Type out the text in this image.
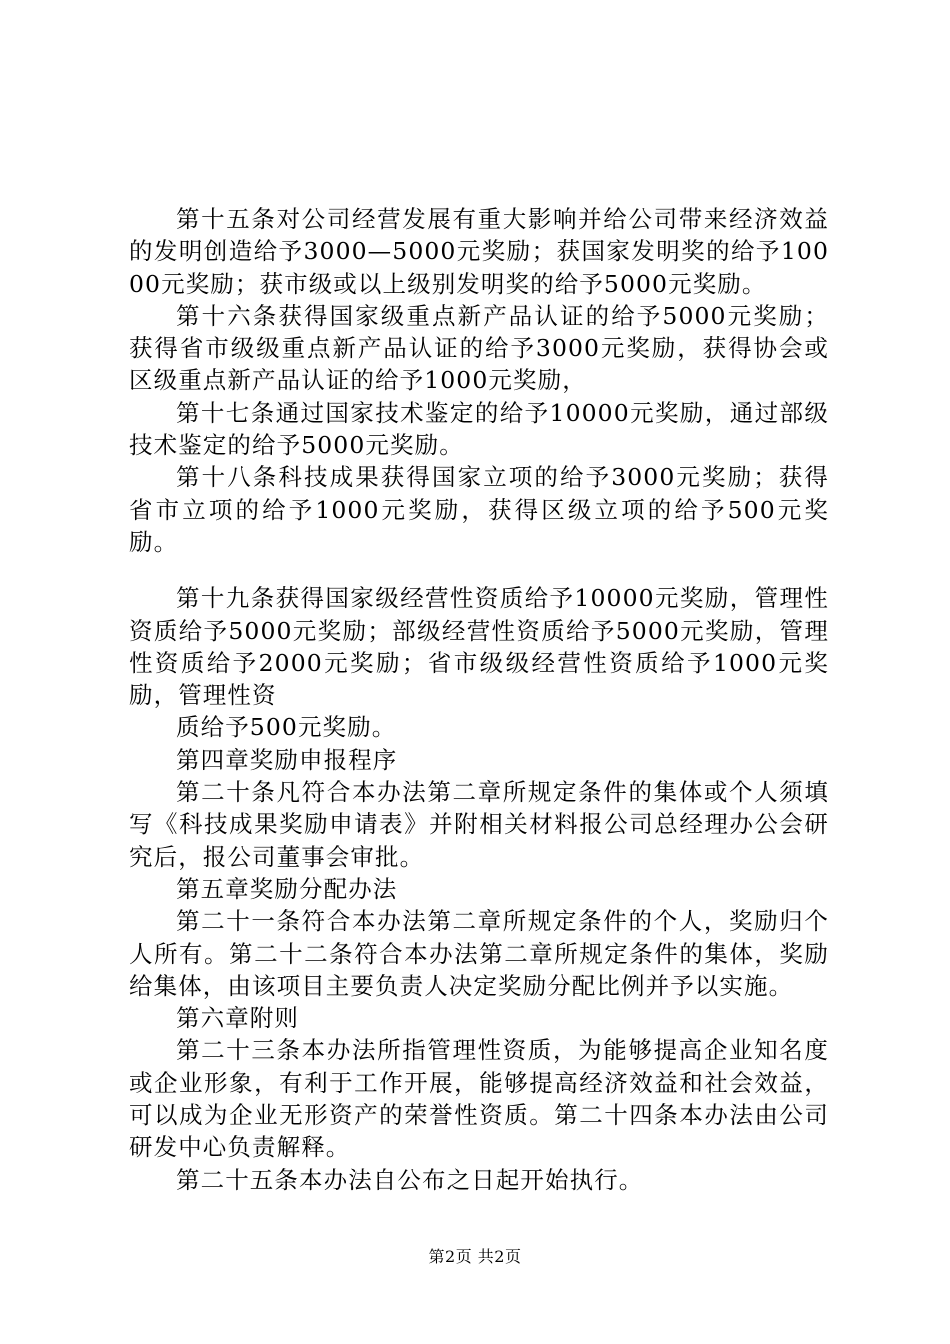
第十五条对公司经营发展有重大影响并给公司带来经济效益的发明创造给予3000—5000元奖励；获国家发明奖的给予10000元奖励；获市级或以上级别发明奖的给予5000元奖励。

第十六条获得国家级重点新产品认证的给予5000元奖励；获得省市级级重点新产品认证的给予3000元奖励，获得协会或区级重点新产品认证的给予1000元奖励，

第十七条通过国家技术鉴定的给予10000元奖励，通过部级技术鉴定的给予5000元奖励。

第十八条科技成果获得国家立项的给予3000元奖励；获得省市立项的给予1000元奖励，获得区级立项的给予500元奖励。

第十九条获得国家级经营性资质给予10000元奖励，管理性资质给予5000元奖励；部级经营性资质给予5000元奖励，管理性资质给予2000元奖励；省市级级经营性资质给予1000元奖励，管理性资

质给予500元奖励。

第四章奖励申报程序

第二十条凡符合本办法第二章所规定条件的集体或个人须填写《科技成果奖励申请表》并附相关材料报公司总经理办公会研究后，报公司董事会审批。

第五章奖励分配办法

第二十一条符合本办法第二章所规定条件的个人，奖励归个人所有。第二十二条符合本办法第二章所规定条件的集体，奖励给集体，由该项目主要负责人决定奖励分配比例并予以实施。

第六章附则

第二十三条本办法所指管理性资质，为能够提高企业知名度或企业形象，有利于工作开展，能够提高经济效益和社会效益，可以成为企业无形资产的荣誉性资质。第二十四条本办法由公司研发中心负责解释。

第二十五条本办法自公布之日起开始执行。

第2页 共2页
